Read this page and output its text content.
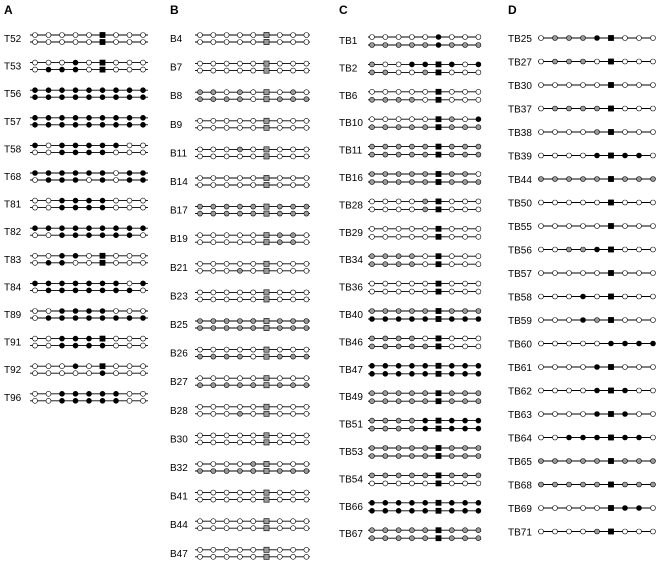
A
T52
T53
T56
T57
T58
T68
T81
T82
T83
T84
T89
T91
T92
T96
B
B4
B7
B8
B9
B11
B14
B17
B19
B21
B23
B25
B26
B27
B28
B30
B32
B41
B44
B47
C
TB1
TB2
TB6
TB10
TB11
TB16
TB28
TB29
TB34
TB36
TB40
TB46
TB47
TB49
TB51
TB53
TB54
TB66
TB67
D
TB25
TB27
TB30
TB37
TB38
TB39
TB44
TB50
TB55
TB56
TB57
TB58
TB59
TB60
TB61
TB62
TB63
TB64
TB65
TB68
TB69
TB71
